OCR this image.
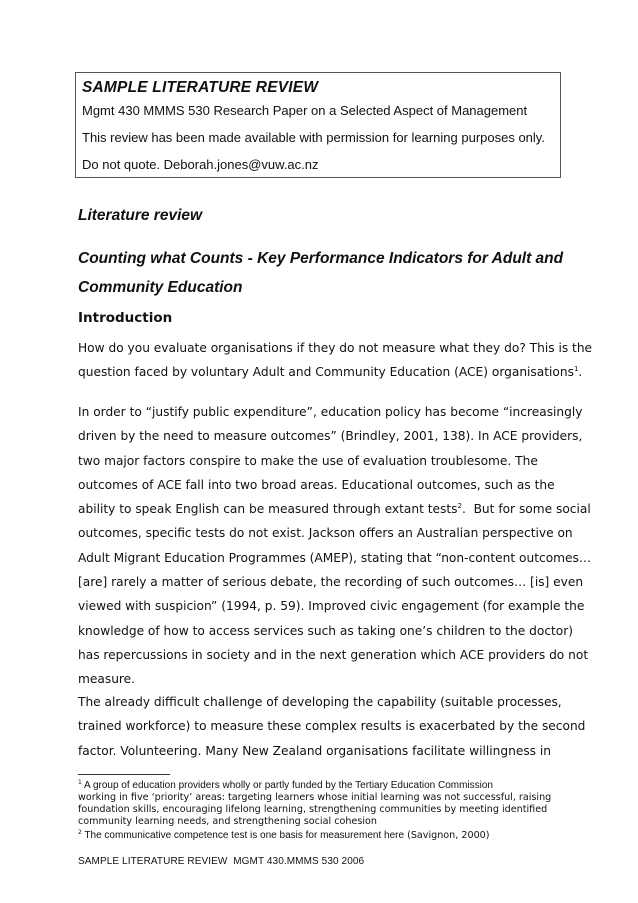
SAMPLE LITERATURE REVIEW

Mgmt 430 MMMS 530 Research Paper on a Selected Aspect of Management

This review has been made available with permission for learning purposes only.

Do not quote. Deborah.jones@vuw.ac.nz

Literature review
Counting what Counts - Key Performance Indicators for Adult and
Community Education
Introduction

How do you evaluate organisations if they do not measure what they do? This is the
question faced by voluntary Adult and Community Education (ACE) organisations$^1$.

In order to “justify public expenditure”, education policy has become “increasingly
driven by the need to measure outcomes” (Brindley, 2001, 138). In ACE providers,
two major factors conspire to make the use of evaluation troublesome. The
outcomes of ACE fall into two broad areas. Educational outcomes, such as the
ability to speak English can be measured through extant tests$^2$.  But for some social
outcomes, specific tests do not exist. Jackson offers an Australian perspective on
Adult Migrant Education Programmes (AMEP), stating that “non-content outcomes…
[are] rarely a matter of serious debate, the recording of such outcomes… [is] even
viewed with suspicion” (1994, p. 59). Improved civic engagement (for example the
knowledge of how to access services such as taking one’s children to the doctor)
has repercussions in society and in the next generation which ACE providers do not
measure.

The already difficult challenge of developing the capability (suitable processes,
trained workforce) to measure these complex results is exacerbated by the second
factor. Volunteering. Many New Zealand organisations facilitate willingness in

$^1$ A group of education providers wholly or partly funded by the Tertiary Education Commission
working in five ‘priority’ areas: targeting learners whose initial learning was not successful, raising
foundation skills, encouraging lifelong learning, strengthening communities by meeting identified
community learning needs, and strengthening social cohesion

$^2$ The communicative competence test is one basis for measurement here (Savignon, 2000)

SAMPLE LITERATURE REVIEW  MGMT 430.MMMS 530 2006
